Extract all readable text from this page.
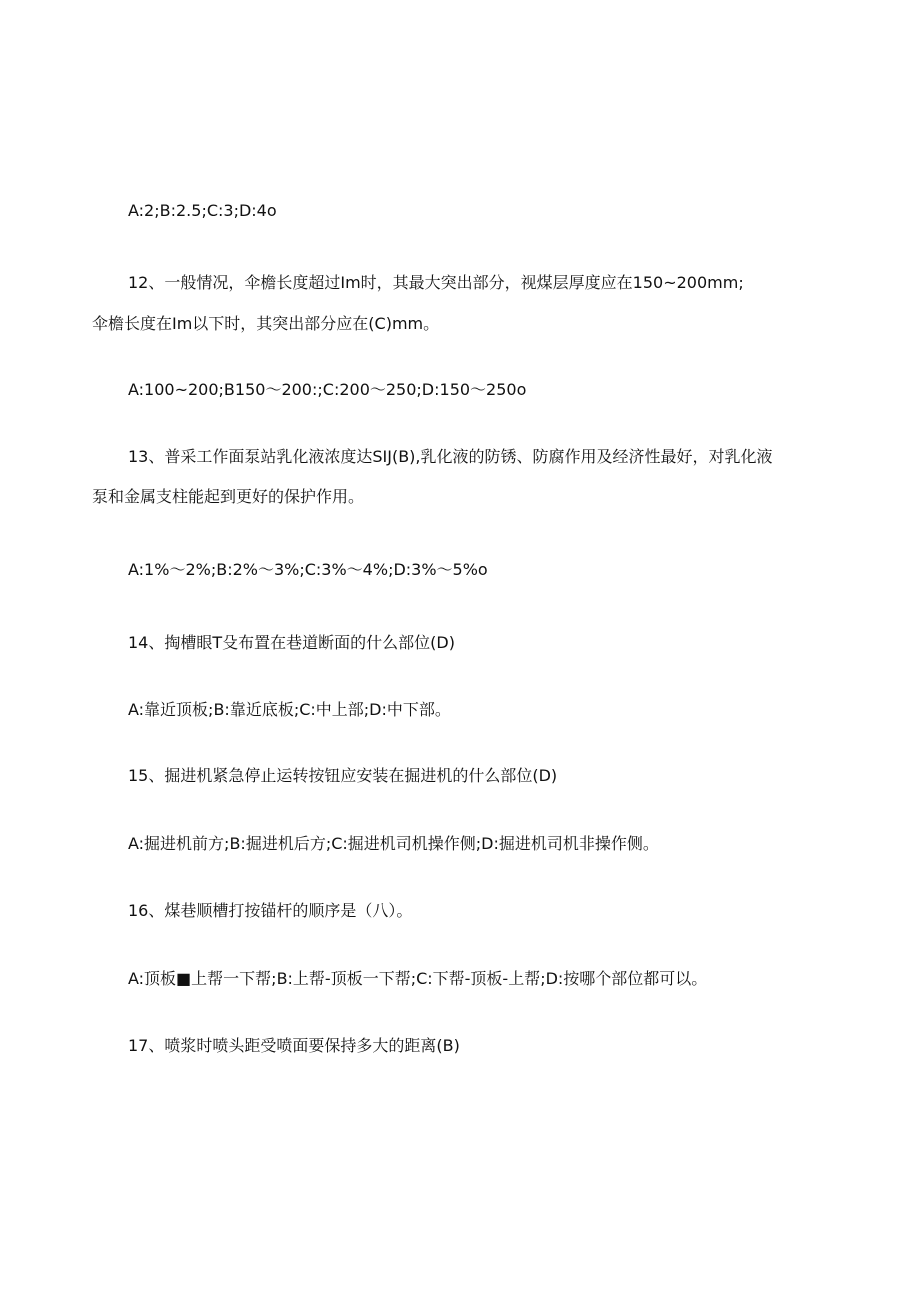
A:2;B:2.5;C:3;D:4o
12、一般情况，伞檐长度超过Im时，其最大突出部分，视煤层厚度应在150~200mm;
伞檐长度在Im以下时，其突出部分应在(C)mm。
A:100~200;B150～200:;C:200～250;D:150～250o
13、普采工作面泵站乳化液浓度达SIJ(B),乳化液的防锈、防腐作用及经济性最好，对乳化液
泵和金属支柱能起到更好的保护作用。
A:1%～2%;B:2%～3%;C:3%～4%;D:3%～5%o
14、掏槽眼T殳布置在巷道断面的什么部位(D)
A:靠近顶板;B:靠近底板;C:中上部;D:中下部。
15、掘进机紧急停止运转按钮应安装在掘进机的什么部位(D)
A:掘进机前方;B:掘进机后方;C:掘进机司机操作侧;D:掘进机司机非操作侧。
16、煤巷顺槽打按锚杆的顺序是（八）。
A:顶板■上帮一下帮;B:上帮-顶板一下帮;C:下帮-顶板-上帮;D:按哪个部位都可以。
17、喷浆时喷头距受喷面要保持多大的距离(B)
